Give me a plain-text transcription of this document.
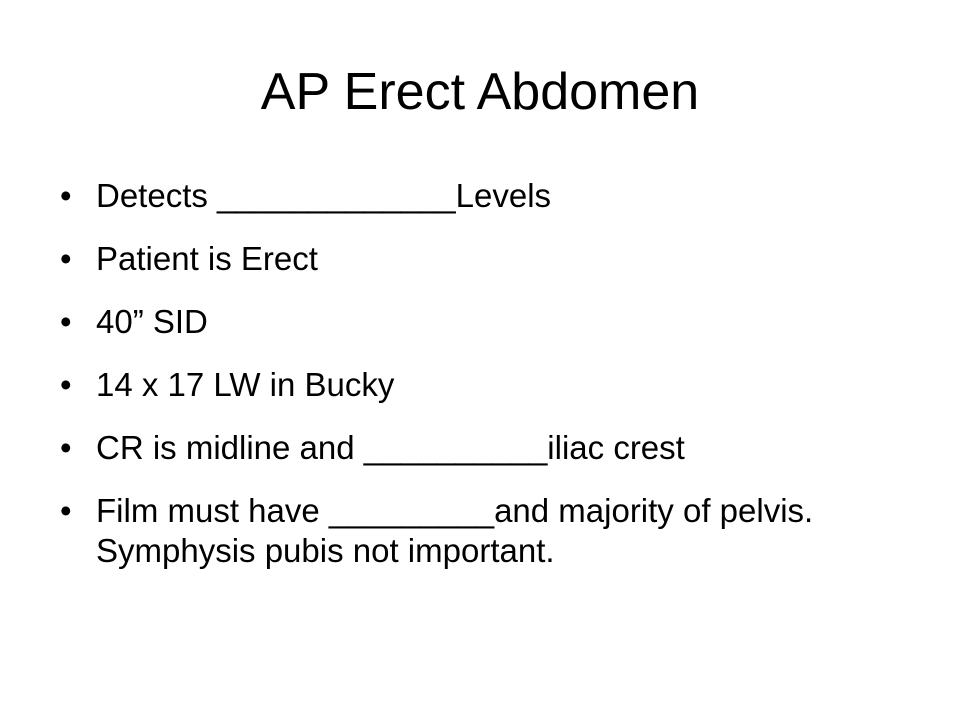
AP Erect Abdomen
• Detects _____________Levels
• Patient is Erect
• 40” SID
• 14 x 17 LW in Bucky
• CR is midline and __________iliac crest
• Film must have _________and majority of pelvis. Symphysis pubis not important.
